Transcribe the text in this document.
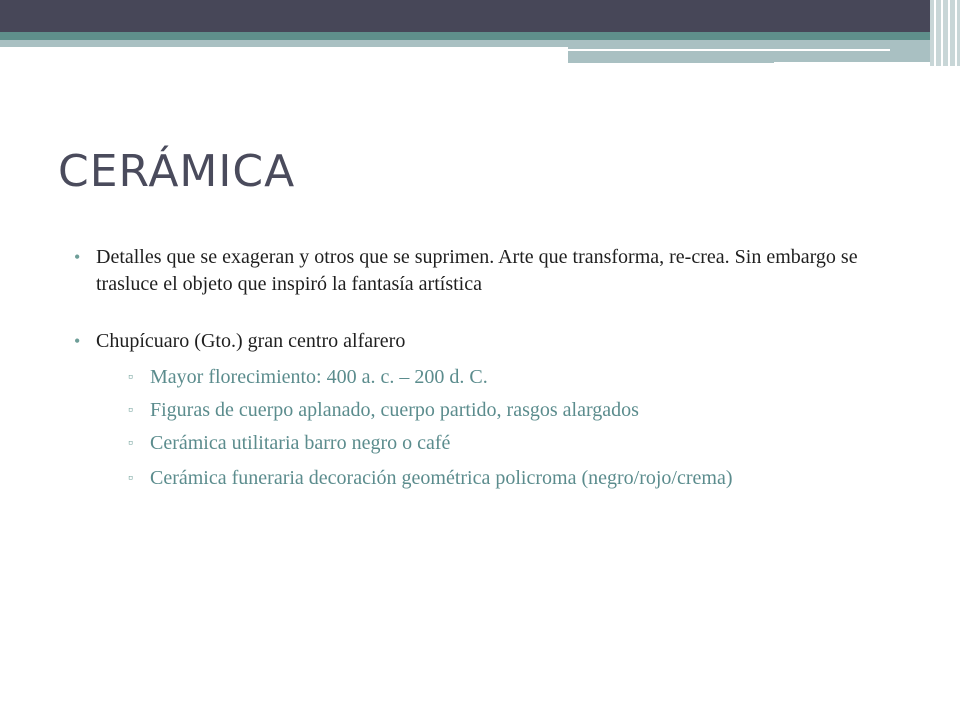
CERÁMICA
• Detalles que se exageran y otros que se suprimen. Arte que transforma, re-crea. Sin embargo se trasluce el objeto que inspiró la fantasía artística
• Chupícuaro (Gto.) gran centro alfarero
▫ Mayor florecimiento: 400 a. c. – 200 d. C.
▫ Figuras de cuerpo aplanado, cuerpo partido, rasgos alargados
▫ Cerámica utilitaria barro negro o café
▫ Cerámica funeraria decoración geométrica policroma (negro/rojo/crema)
